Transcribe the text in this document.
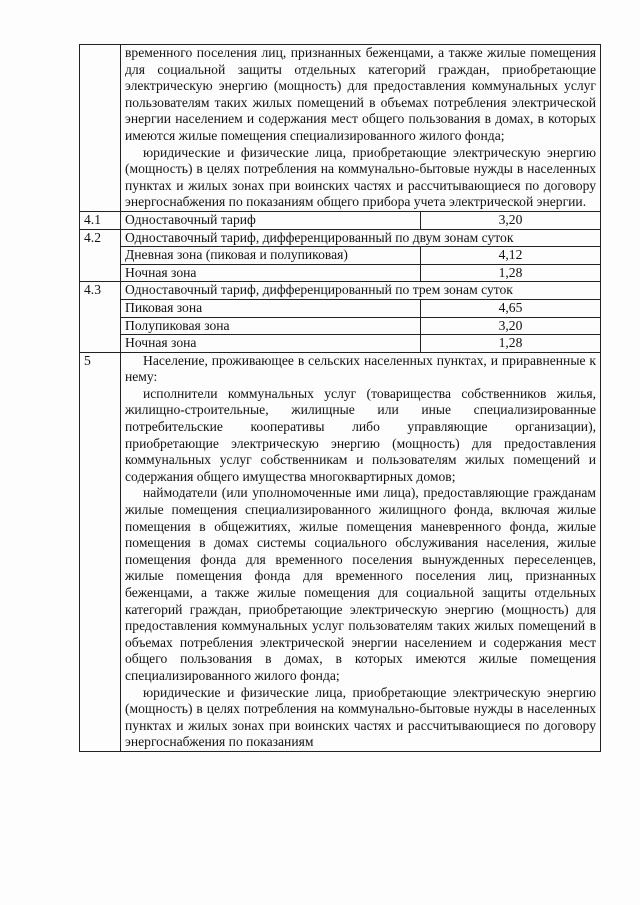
	временного поселения лиц, признанных беженцами, а также жилые помещения для социальной защиты отдельных категорий граждан, приобретающие электрическую энергию (мощность) для предоставления коммунальных услуг пользователям таких жилых помещений в объемах потребления электрической энергии населением и содержания мест общего пользования в домах, в которых имеются жилые помещения специализированного жилого фонда;

юридические и физические лица, приобретающие электрическую энергию (мощность) в целях потребления на коммунально-бытовые нужды в населенных пунктах и жилых зонах при воинских частях и рассчитывающиеся по договору энергоснабжения по показаниям общего прибора учета электрической энергии.	

4.1	Одноставочный тариф	3,20
4.2	Одноставочный тариф, дифференцированный по двум зонам суток	
	Дневная зона (пиковая и полупиковая)	4,12
	Ночная зона	1,28
4.3	Одноставочный тариф, дифференцированный по трем зонам суток	
	Пиковая зона	4,65
	Полупиковая зона	3,20
	Ночная зона	1,28
5	Население, проживающее в сельских населенных пунктах, и приравненные к нему:

исполнители коммунальных услуг (товарищества собственников жилья, жилищно-строительные, жилищные или иные специализированные потребительские кооперативы либо управляющие организации), приобретающие электрическую энергию (мощность) для предоставления коммунальных услуг собственникам и пользователям жилых помещений и содержания общего имущества многоквартирных домов;

наймодатели (или уполномоченные ими лица), предоставляющие гражданам жилые помещения специализированного жилищного фонда, включая жилые помещения в общежитиях, жилые помещения маневренного фонда, жилые помещения в домах системы социального обслуживания населения, жилые помещения фонда для временного поселения вынужденных переселенцев, жилые помещения фонда для временного поселения лиц, признанных беженцами, а также жилые помещения для социальной защиты отдельных категорий граждан, приобретающие электрическую энергию (мощность) для предоставления коммунальных услуг пользователям таких жилых помещений в объемах потребления электрической энергии населением и содержания мест общего пользования в домах, в которых имеются жилые помещения специализированного жилого фонда;

юридические и физические лица, приобретающие электрическую энергию (мощность) в целях потребления на коммунально-бытовые нужды в населенных пунктах и жилых зонах при воинских частях и рассчитывающиеся по договору энергоснабжения по показаниям	
